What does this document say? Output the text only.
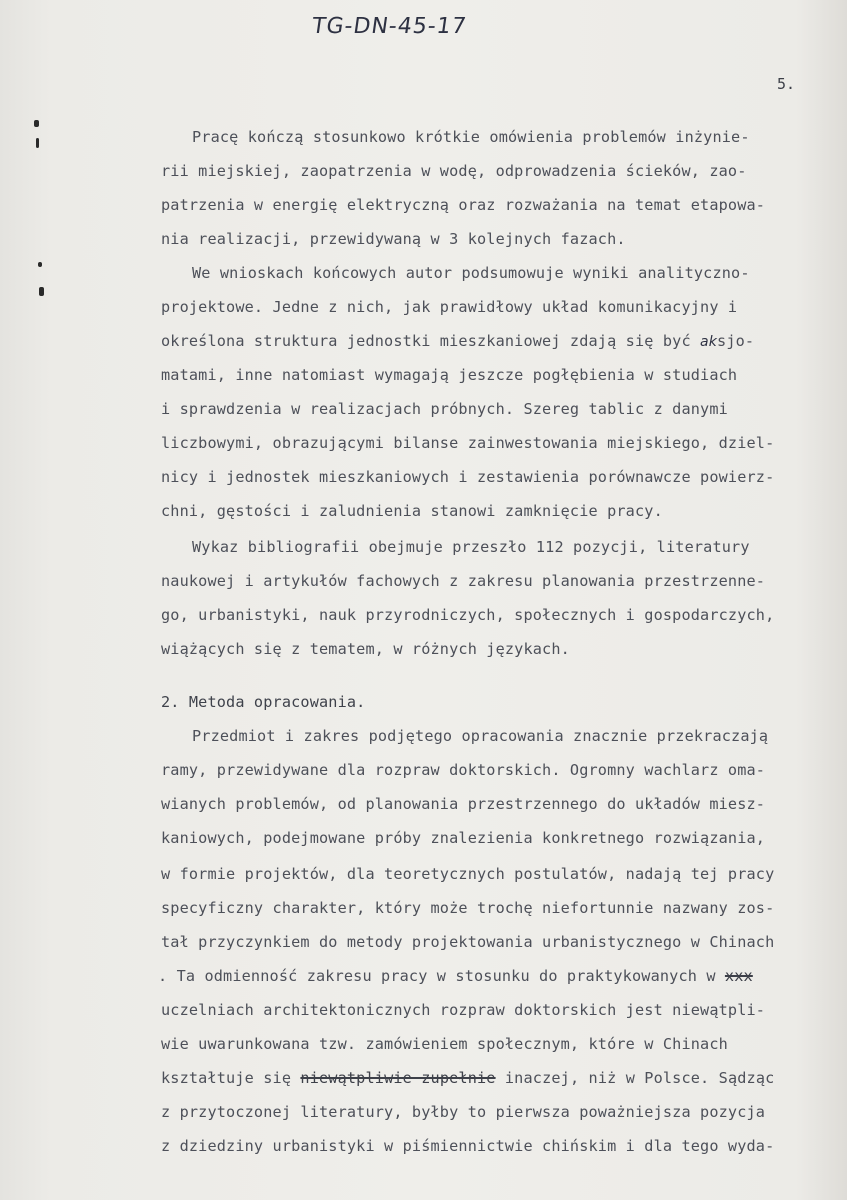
TG-DN-45-17
5.
Pracę kończą stosunkowo krótkie omówienia problemów inżynie-
rii miejskiej, zaopatrzenia w wodę, odprowadzenia ścieków, zao-
patrzenia w energię elektryczną oraz rozważania na temat etapowa-
nia realizacji, przewidywaną w 3 kolejnych fazach.
We wnioskach końcowych autor podsumowuje wyniki analityczno-
projektowe. Jedne z nich, jak prawidłowy układ komunikacyjny i
określona struktura jednostki mieszkaniowej zdają się być aksjo-
matami, inne natomiast wymagają jeszcze pogłębienia w studiach
i sprawdzenia w realizacjach próbnych. Szereg tablic z danymi
liczbowymi, obrazującymi bilanse zainwestowania miejskiego, dziel-
nicy i jednostek mieszkaniowych i zestawienia porównawcze powierz-
chni, gęstości i zaludnienia stanowi zamknięcie pracy.
Wykaz bibliografii obejmuje przeszło 112 pozycji, literatury
naukowej i artykułów fachowych z zakresu planowania przestrzenne-
go, urbanistyki, nauk przyrodniczych, społecznych i gospodarczych,
wiążących się z tematem, w różnych językach.
2. Metoda opracowania.
Przedmiot i zakres podjętego opracowania znacznie przekraczają
ramy, przewidywane dla rozpraw doktorskich. Ogromny wachlarz oma-
wianych problemów, od planowania przestrzennego do układów miesz-
kaniowych, podejmowane próby znalezienia konkretnego rozwiązania,
w formie projektów, dla teoretycznych postulatów, nadają tej pracy
specyficzny charakter, który może trochę niefortunnie nazwany zos-
tał przyczynkiem do metody projektowania urbanistycznego w Chinach
. Ta odmienność zakresu pracy w stosunku do praktykowanych w xxx
uczelniach architektonicznych rozpraw doktorskich jest niewątpli-
wie uwarunkowana tzw. zamówieniem społecznym, które w Chinach
kształtuje się niewątpliwie zupełnie inaczej, niż w Polsce. Sądząc
z przytoczonej literatury, byłby to pierwsza poważniejsza pozycja
z dziedziny urbanistyki w piśmiennictwie chińskim i dla tego wyda-
